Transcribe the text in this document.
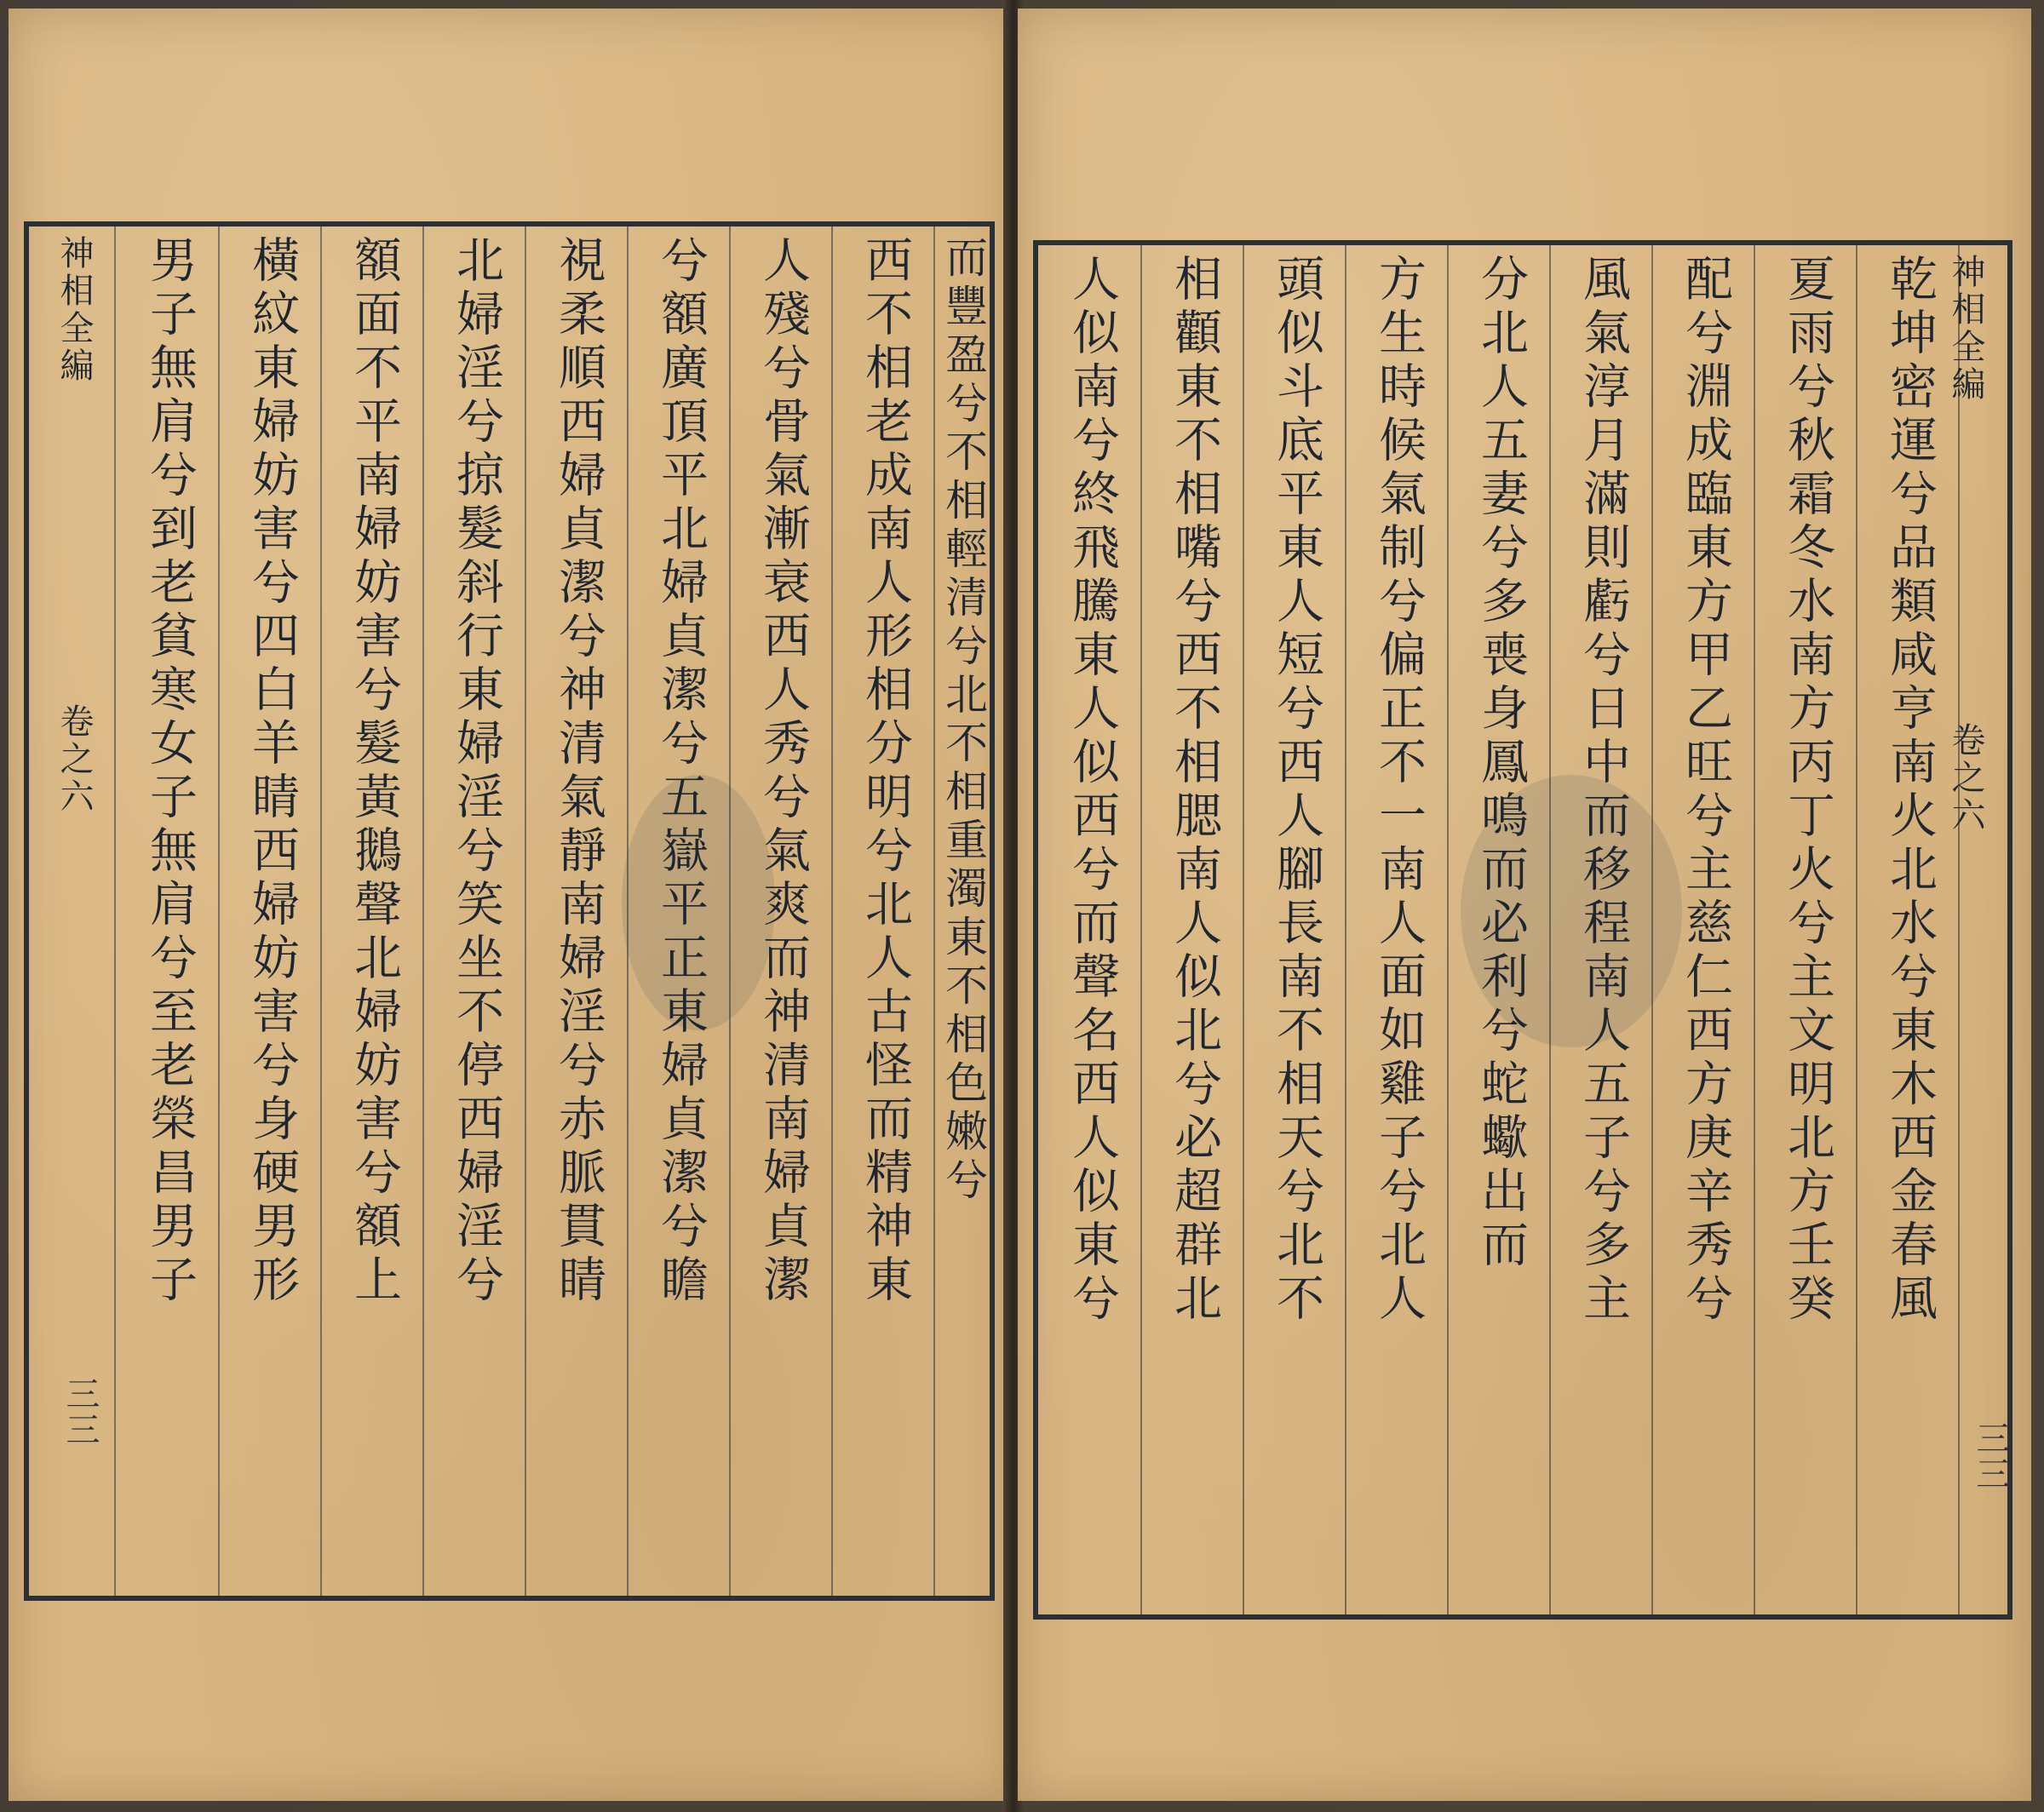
神相全編
卷之六
三三
男子無肩兮到老貧寒女子無肩兮至老榮昌男子 橫紋東婦妨害兮四白羊睛西婦妨害兮身硬男形 額面不平南婦妨害兮髮黃鵝聲北婦妨害兮額上 北婦淫兮掠髮斜行東婦淫兮笑坐不停西婦淫兮 視柔順西婦貞潔兮神清氣靜南婦淫兮赤脈貫睛 兮額廣頂平北婦貞潔兮五嶽平正東婦貞潔兮瞻 人殘兮骨氣漸衰西人秀兮氣爽而神清南婦貞潔 西不相老成南人形相分明兮北人古怪而精神東 而豐盈兮不相輕清兮北不相重濁東不相色嫩兮	人似南兮終飛騰東人似西兮而聲名西人似東兮 相顴東不相嘴兮西不相腮南人似北兮必超群北 頭似斗底平東人短兮西人腳長南不相天兮北不 方生時候氣制兮偏正不一南人面如雞子兮北人 分北人五妻兮多喪身鳳鳴而必利兮蛇蠍出而 風氣淳月滿則虧兮日中而移程南人五子兮多主 配兮淵成臨東方甲乙旺兮主慈仁西方庚辛秀兮 夏雨兮秋霜冬水南方丙丁火兮主文明北方壬癸 乾坤密運兮品類咸亨南火北水兮東木西金春風 神相全編
卷之六
三三
